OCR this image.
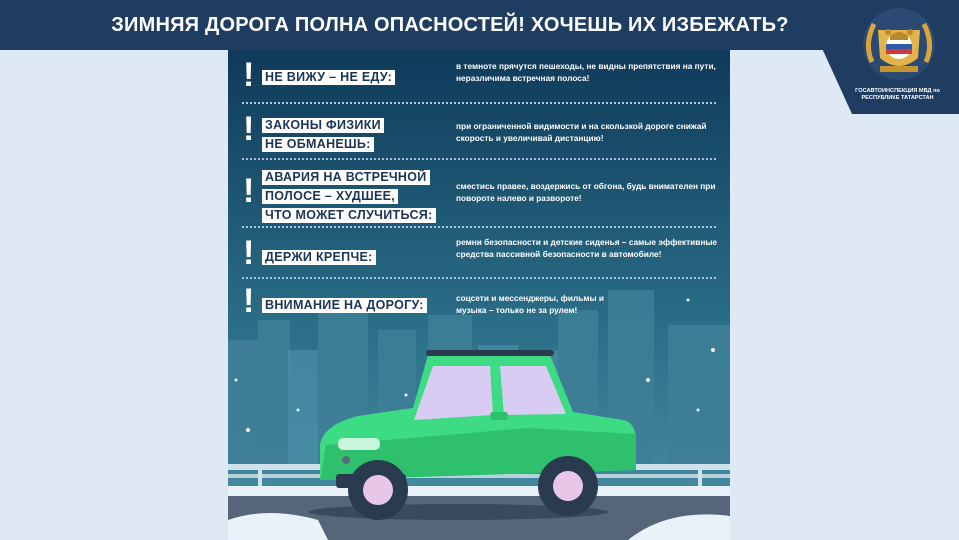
ЗИМНЯЯ ДОРОГА ПОЛНА ОПАСНОСТЕЙ! ХОЧЕШЬ ИХ ИЗБЕЖАТЬ?
ГОСАВТОИНСПЕКЦИЯ МВД по РЕСПУБЛИКЕ ТАТАРСТАН
! НЕ ВИЖУ – НЕ ЕДУ:
в темноте прячутся пешеходы, не видны препятствия на пути, неразличима встречная полоса!
! ЗАКОНЫ ФИЗИКИ
НЕ ОБМАНЕШЬ:
при ограниченной видимости и на скользкой дороге снижай скорость и увеличивай дистанцию!
! АВАРИЯ НА ВСТРЕЧНОЙ
ПОЛОСЕ – ХУДШЕЕ,
ЧТО МОЖЕТ СЛУЧИТЬСЯ:
сместись правее, воздержись от обгона, будь внимателен при повороте налево и развороте!
! ДЕРЖИ КРЕПЧЕ:
ремни безопасности и детские сиденья – самые эффективные средства пассивной безопасности в автомобиле!
! ВНИМАНИЕ НА ДОРОГУ:	соцсети и мессенджеры, фильмы и музыка – только не за рулем!
